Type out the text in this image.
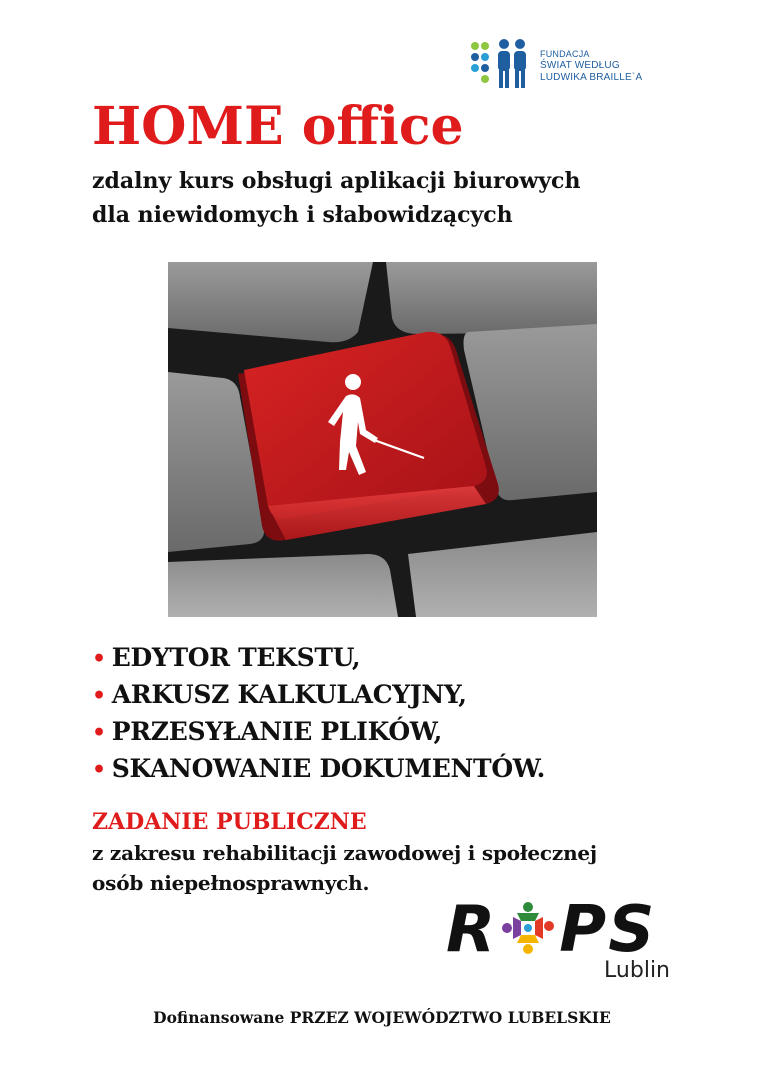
FUNDACJA
ŚWIAT WEDŁUG
LUDWIKA BRAILLE`A
HOME office
zdalny kurs obsługi aplikacji biurowych
dla niewidomych i słabowidzących
• EDYTOR TEKSTU,
• ARKUSZ KALKULACYJNY,
• PRZESYŁANIE PLIKÓW,
• SKANOWANIE DOKUMENTÓW.
ZADANIE PUBLICZNE
z zakresu rehabilitacji zawodowej i społecznej
osób niepełnosprawnych.
R PS
Lublin
Dofinansowane PRZEZ WOJEWÓDZTWO LUBELSKIE
